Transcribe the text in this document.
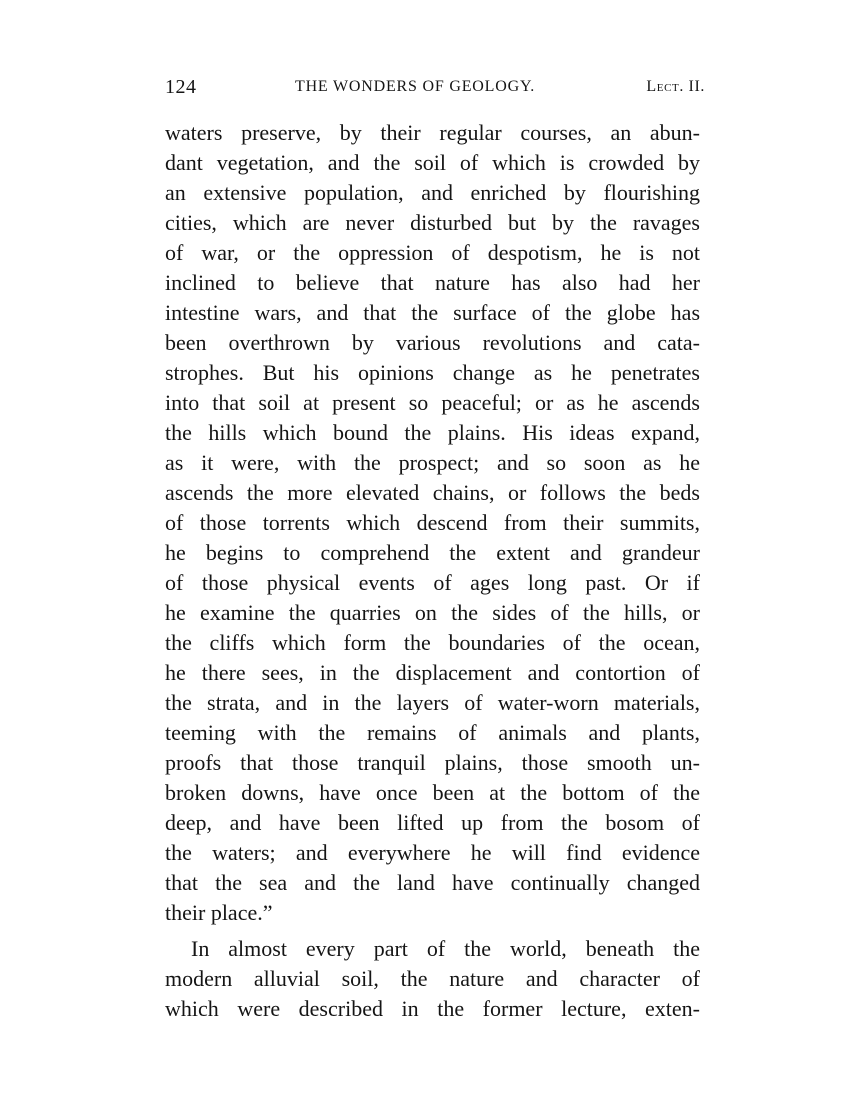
124	THE WONDERS OF GEOLOGY.	Lect. II.
waters preserve, by their regular courses, an abun-
dant vegetation, and the soil of which is crowded by
an extensive population, and enriched by flourishing
cities, which are never disturbed but by the ravages
of war, or the oppression of despotism, he is not
inclined to believe that nature has also had her
intestine wars, and that the surface of the globe has
been overthrown by various revolutions and cata-
strophes. But his opinions change as he penetrates
into that soil at present so peaceful; or as he ascends
the hills which bound the plains. His ideas expand,
as it were, with the prospect; and so soon as he
ascends the more elevated chains, or follows the beds
of those torrents which descend from their summits,
he begins to comprehend the extent and grandeur
of those physical events of ages long past. Or if
he examine the quarries on the sides of the hills, or
the cliffs which form the boundaries of the ocean,
he there sees, in the displacement and contortion of
the strata, and in the layers of water-worn materials,
teeming with the remains of animals and plants,
proofs that those tranquil plains, those smooth un-
broken downs, have once been at the bottom of the
deep, and have been lifted up from the bosom of
the waters; and everywhere he will find evidence
that the sea and the land have continually changed
their place.”
In almost every part of the world, beneath the
modern alluvial soil, the nature and character of
which were described in the former lecture, exten-
